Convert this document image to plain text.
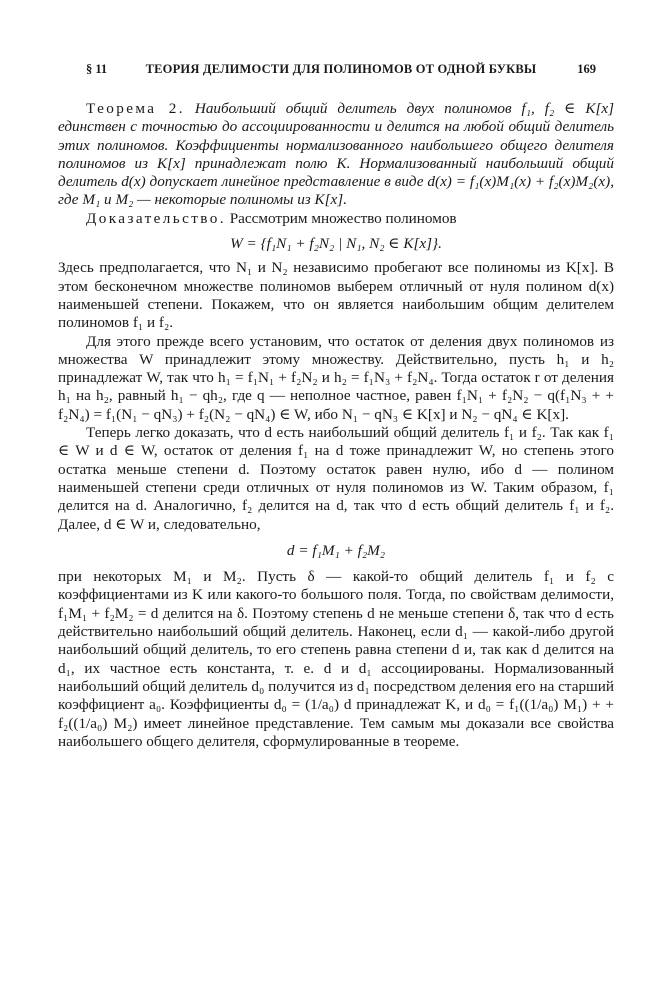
§ 11	ТЕОРИЯ ДЕЛИМОСТИ ДЛЯ ПОЛИНОМОВ ОТ ОДНОЙ БУКВЫ	169

Теорема 2. Наибольший общий делитель двух полиномов f₁, f₂ ∈ K[x] единствен с точностью до ассоциированности и делится на любой общий делитель этих полиномов. Коэффициенты нормализованного наибольшего общего делителя полиномов из K[x] принадлежат полю K. Нормализованный наибольший общий делитель d(x) допускает линейное представление в виде d(x) = f₁(x)M₁(x) + f₂(x)M₂(x), где M₁ и M₂ — некоторые полиномы из K[x].

Доказательство. Рассмотрим множество полиномов

W = {f₁N₁ + f₂N₂ | N₁, N₂ ∈ K[x]}.

Здесь предполагается, что N₁ и N₂ независимо пробегают все полиномы из K[x]. В этом бесконечном множестве полиномов выберем отличный от нуля полином d(x) наименьшей степени. Покажем, что он является наибольшим общим делителем полиномов f₁ и f₂.

Для этого прежде всего установим, что остаток от деления двух полиномов из множества W принадлежит этому множеству. Действительно, пусть h₁ и h₂ принадлежат W, так что h₁ = f₁N₁ + f₂N₂ и h₂ = f₁N₃ + f₂N₄. Тогда остаток r от деления h₁ на h₂, равный h₁ − qh₂, где q — неполное частное, равен f₁N₁ + f₂N₂ − q(f₁N₃ + + f₂N₄) = f₁(N₁ − qN₃) + f₂(N₂ − qN₄) ∈ W, ибо N₁ − qN₃ ∈ K[x] и N₂ − qN₄ ∈ K[x].

Теперь легко доказать, что d есть наибольший общий делитель f₁ и f₂. Так как f₁ ∈ W и d ∈ W, остаток от деления f₁ на d тоже принадлежит W, но степень этого остатка меньше степени d. Поэтому остаток равен нулю, ибо d — полином наименьшей степени среди отличных от нуля полиномов из W. Таким образом, f₁ делится на d. Аналогично, f₂ делится на d, так что d есть общий делитель f₁ и f₂. Далее, d ∈ W и, следовательно,

d = f₁M₁ + f₂M₂

при некоторых M₁ и M₂. Пусть δ — какой-то общий делитель f₁ и f₂ с коэффициентами из K или какого-то большого поля. Тогда, по свойствам делимости, f₁M₁ + f₂M₂ = d делится на δ. Поэтому степень d не меньше степени δ, так что d есть действительно наибольший общий делитель. Наконец, если d₁ — какой-либо другой наибольший общий делитель, то его степень равна степени d и, так как d делится на d₁, их частное есть константа, т. е. d и d₁ ассоциированы. Нормализованный наибольший общий делитель d₀ получится из d₁ посредством деления его на старший коэффициент a₀. Коэффициенты d₀ = (1/a₀) d принадлежат K, и d₀ = f₁((1/a₀) M₁) + + f₂((1/a₀) M₂) имеет линейное представление. Тем самым мы доказали все свойства наибольшего общего делителя, сформулированные в теореме.
